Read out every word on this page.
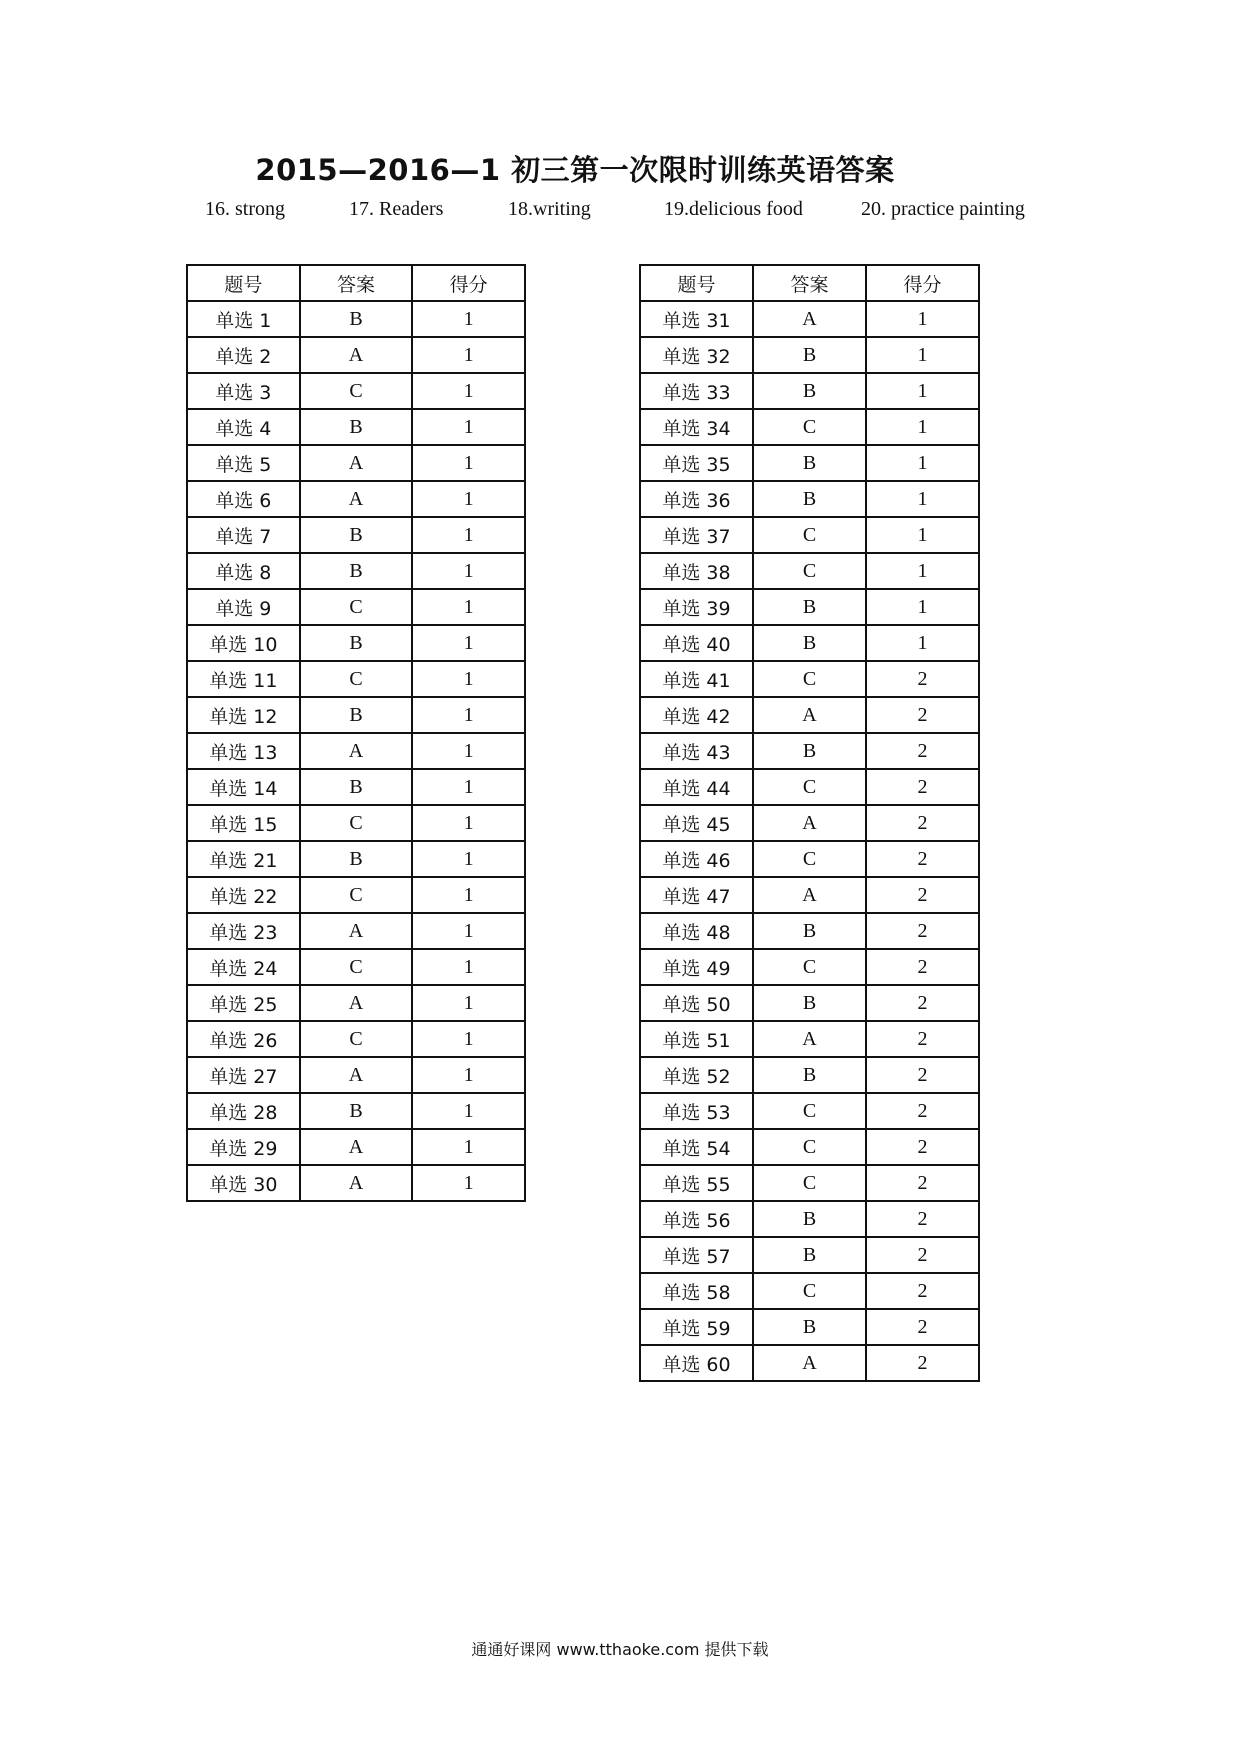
2015—2016—1 初三第一次限时训练英语答案
16. strong	17. Readers	18.writing	19.delicious food	20. practice painting
题号	答案	得分
单选 1	B	1
单选 2	A	1
单选 3	C	1
单选 4	B	1
单选 5	A	1
单选 6	A	1
单选 7	B	1
单选 8	B	1
单选 9	C	1
单选 10	B	1
单选 11	C	1
单选 12	B	1
单选 13	A	1
单选 14	B	1
单选 15	C	1
单选 21	B	1
单选 22	C	1
单选 23	A	1
单选 24	C	1
单选 25	A	1
单选 26	C	1
单选 27	A	1
单选 28	B	1
单选 29	A	1
单选 30	A	1
题号	答案	得分
单选 31	A	1
单选 32	B	1
单选 33	B	1
单选 34	C	1
单选 35	B	1
单选 36	B	1
单选 37	C	1
单选 38	C	1
单选 39	B	1
单选 40	B	1
单选 41	C	2
单选 42	A	2
单选 43	B	2
单选 44	C	2
单选 45	A	2
单选 46	C	2
单选 47	A	2
单选 48	B	2
单选 49	C	2
单选 50	B	2
单选 51	A	2
单选 52	B	2
单选 53	C	2
单选 54	C	2
单选 55	C	2
单选 56	B	2
单选 57	B	2
单选 58	C	2
单选 59	B	2
单选 60	A	2
通通好课网 www.tthaoke.com 提供下载
